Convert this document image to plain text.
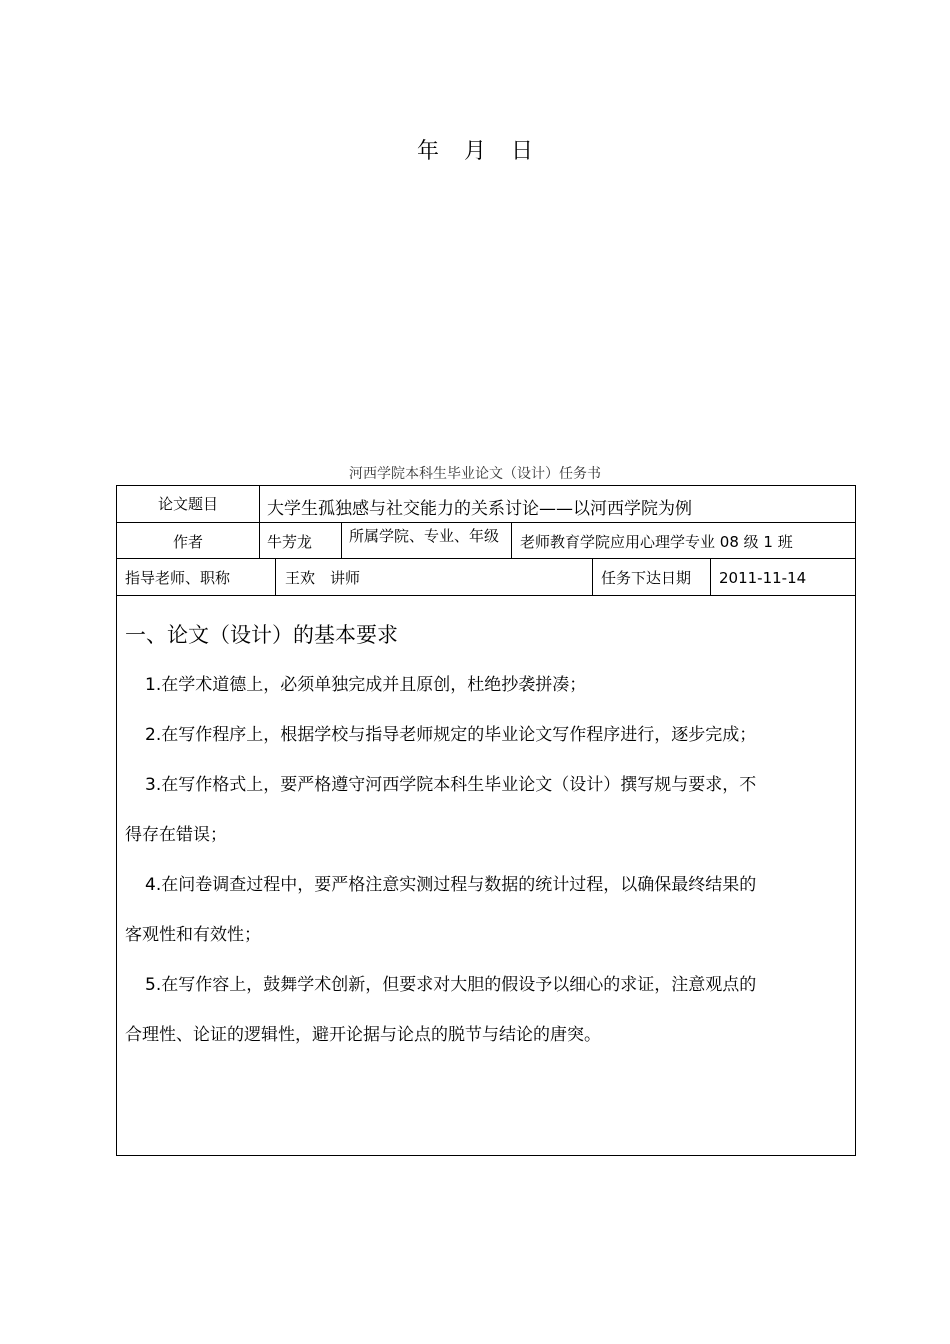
年 月 日
河西学院本科生毕业论文（设计）任务书
论文题目	大学生孤独感与社交能力的关系讨论——以河西学院为例
作者	牛芳龙	所属学院、专业、年级	老师教育学院应用心理学专业 08 级 1 班
指导老师、职称	王欢　讲师	任务下达日期	2011-11-14
一、论文（设计）的基本要求
1.在学术道德上，必须单独完成并且原创，杜绝抄袭拼凑；
2.在写作程序上，根据学校与指导老师规定的毕业论文写作程序进行，逐步完成；
3.在写作格式上，要严格遵守河西学院本科生毕业论文（设计）撰写规与要求，不
得存在错误；
4.在问卷调查过程中，要严格注意实测过程与数据的统计过程，以确保最终结果的
客观性和有效性；
5.在写作容上，鼓舞学术创新，但要求对大胆的假设予以细心的求证，注意观点的
合理性、论证的逻辑性，避开论据与论点的脱节与结论的唐突。
